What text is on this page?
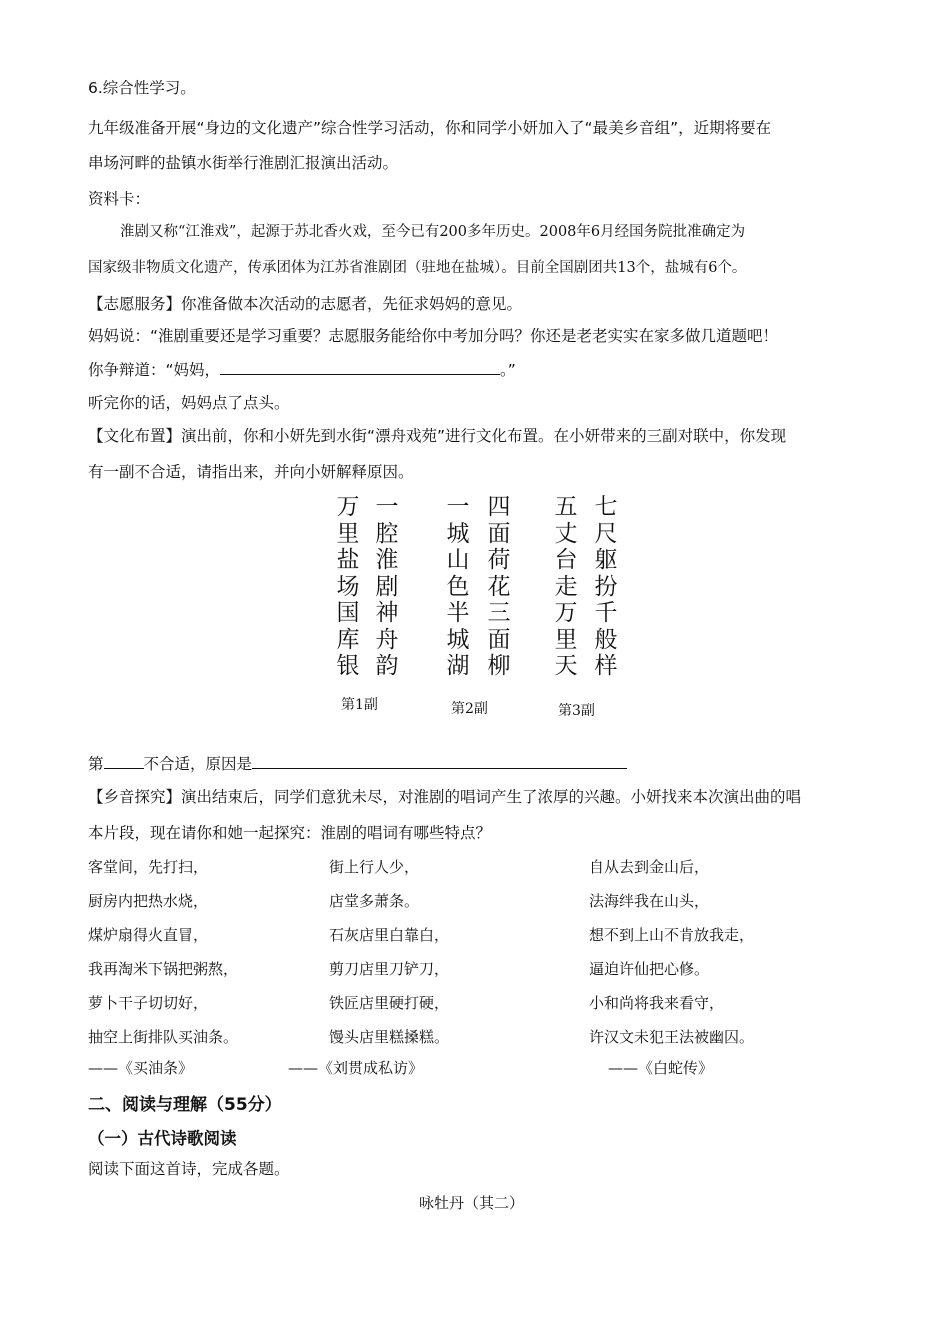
6.综合性学习。
九年级准备开展“身边的文化遗产”综合性学习活动，你和同学小妍加入了“最美乡音组”，近期将要在
串场河畔的盐镇水街举行淮剧汇报演出活动。
资料卡：
淮剧又称“江淮戏”，起源于苏北香火戏，至今已有200多年历史。2008年6月经国务院批准确定为
国家级非物质文化遗产，传承团体为江苏省淮剧团（驻地在盐城）。目前全国剧团共13个，盐城有6个。
【志愿服务】你准备做本次活动的志愿者，先征求妈妈的意见。
妈妈说：“淮剧重要还是学习重要？志愿服务能给你中考加分吗？你还是老老实实在家多做几道题吧！
你争辩道：“妈妈，	。”
听完你的话，妈妈点了点头。
【文化布置】演出前，你和小妍先到水街“漂舟戏苑”进行文化布置。在小妍带来的三副对联中，你发现
有一副不合适，请指出来，并向小妍解释原因。
万里盐场国库银
一腔淮剧神舟韵
第1副
一城山色半城湖
四面荷花三面柳
第2副
五丈台走万里天
七尺躯扮千般样
第3副
第	不合适，原因是
【乡音探究】演出结束后，同学们意犹未尽，对淮剧的唱词产生了浓厚的兴趣。小妍找来本次演出曲的唱
本片段，现在请你和她一起探究：淮剧的唱词有哪些特点？
客堂间，先打扫，
厨房内把热水烧，
煤炉扇得火直冒，
我再淘米下锅把粥熬，
萝卜干子切切好，
抽空上街排队买油条。
——《买油条》
街上行人少，
店堂多萧条。
石灰店里白靠白，
剪刀店里刀铲刀，
铁匠店里硬打硬，
馒头店里糕搡糕。
——《刘贯成私访》
自从去到金山后，
法海绊我在山头，
想不到上山不肯放我走，
逼迫许仙把心修。
小和尚将我来看守，
许汉文未犯王法被幽囚。
——《白蛇传》
二、阅读与理解（55分）
（一）古代诗歌阅读
阅读下面这首诗，完成各题。
咏牡丹（其二）
